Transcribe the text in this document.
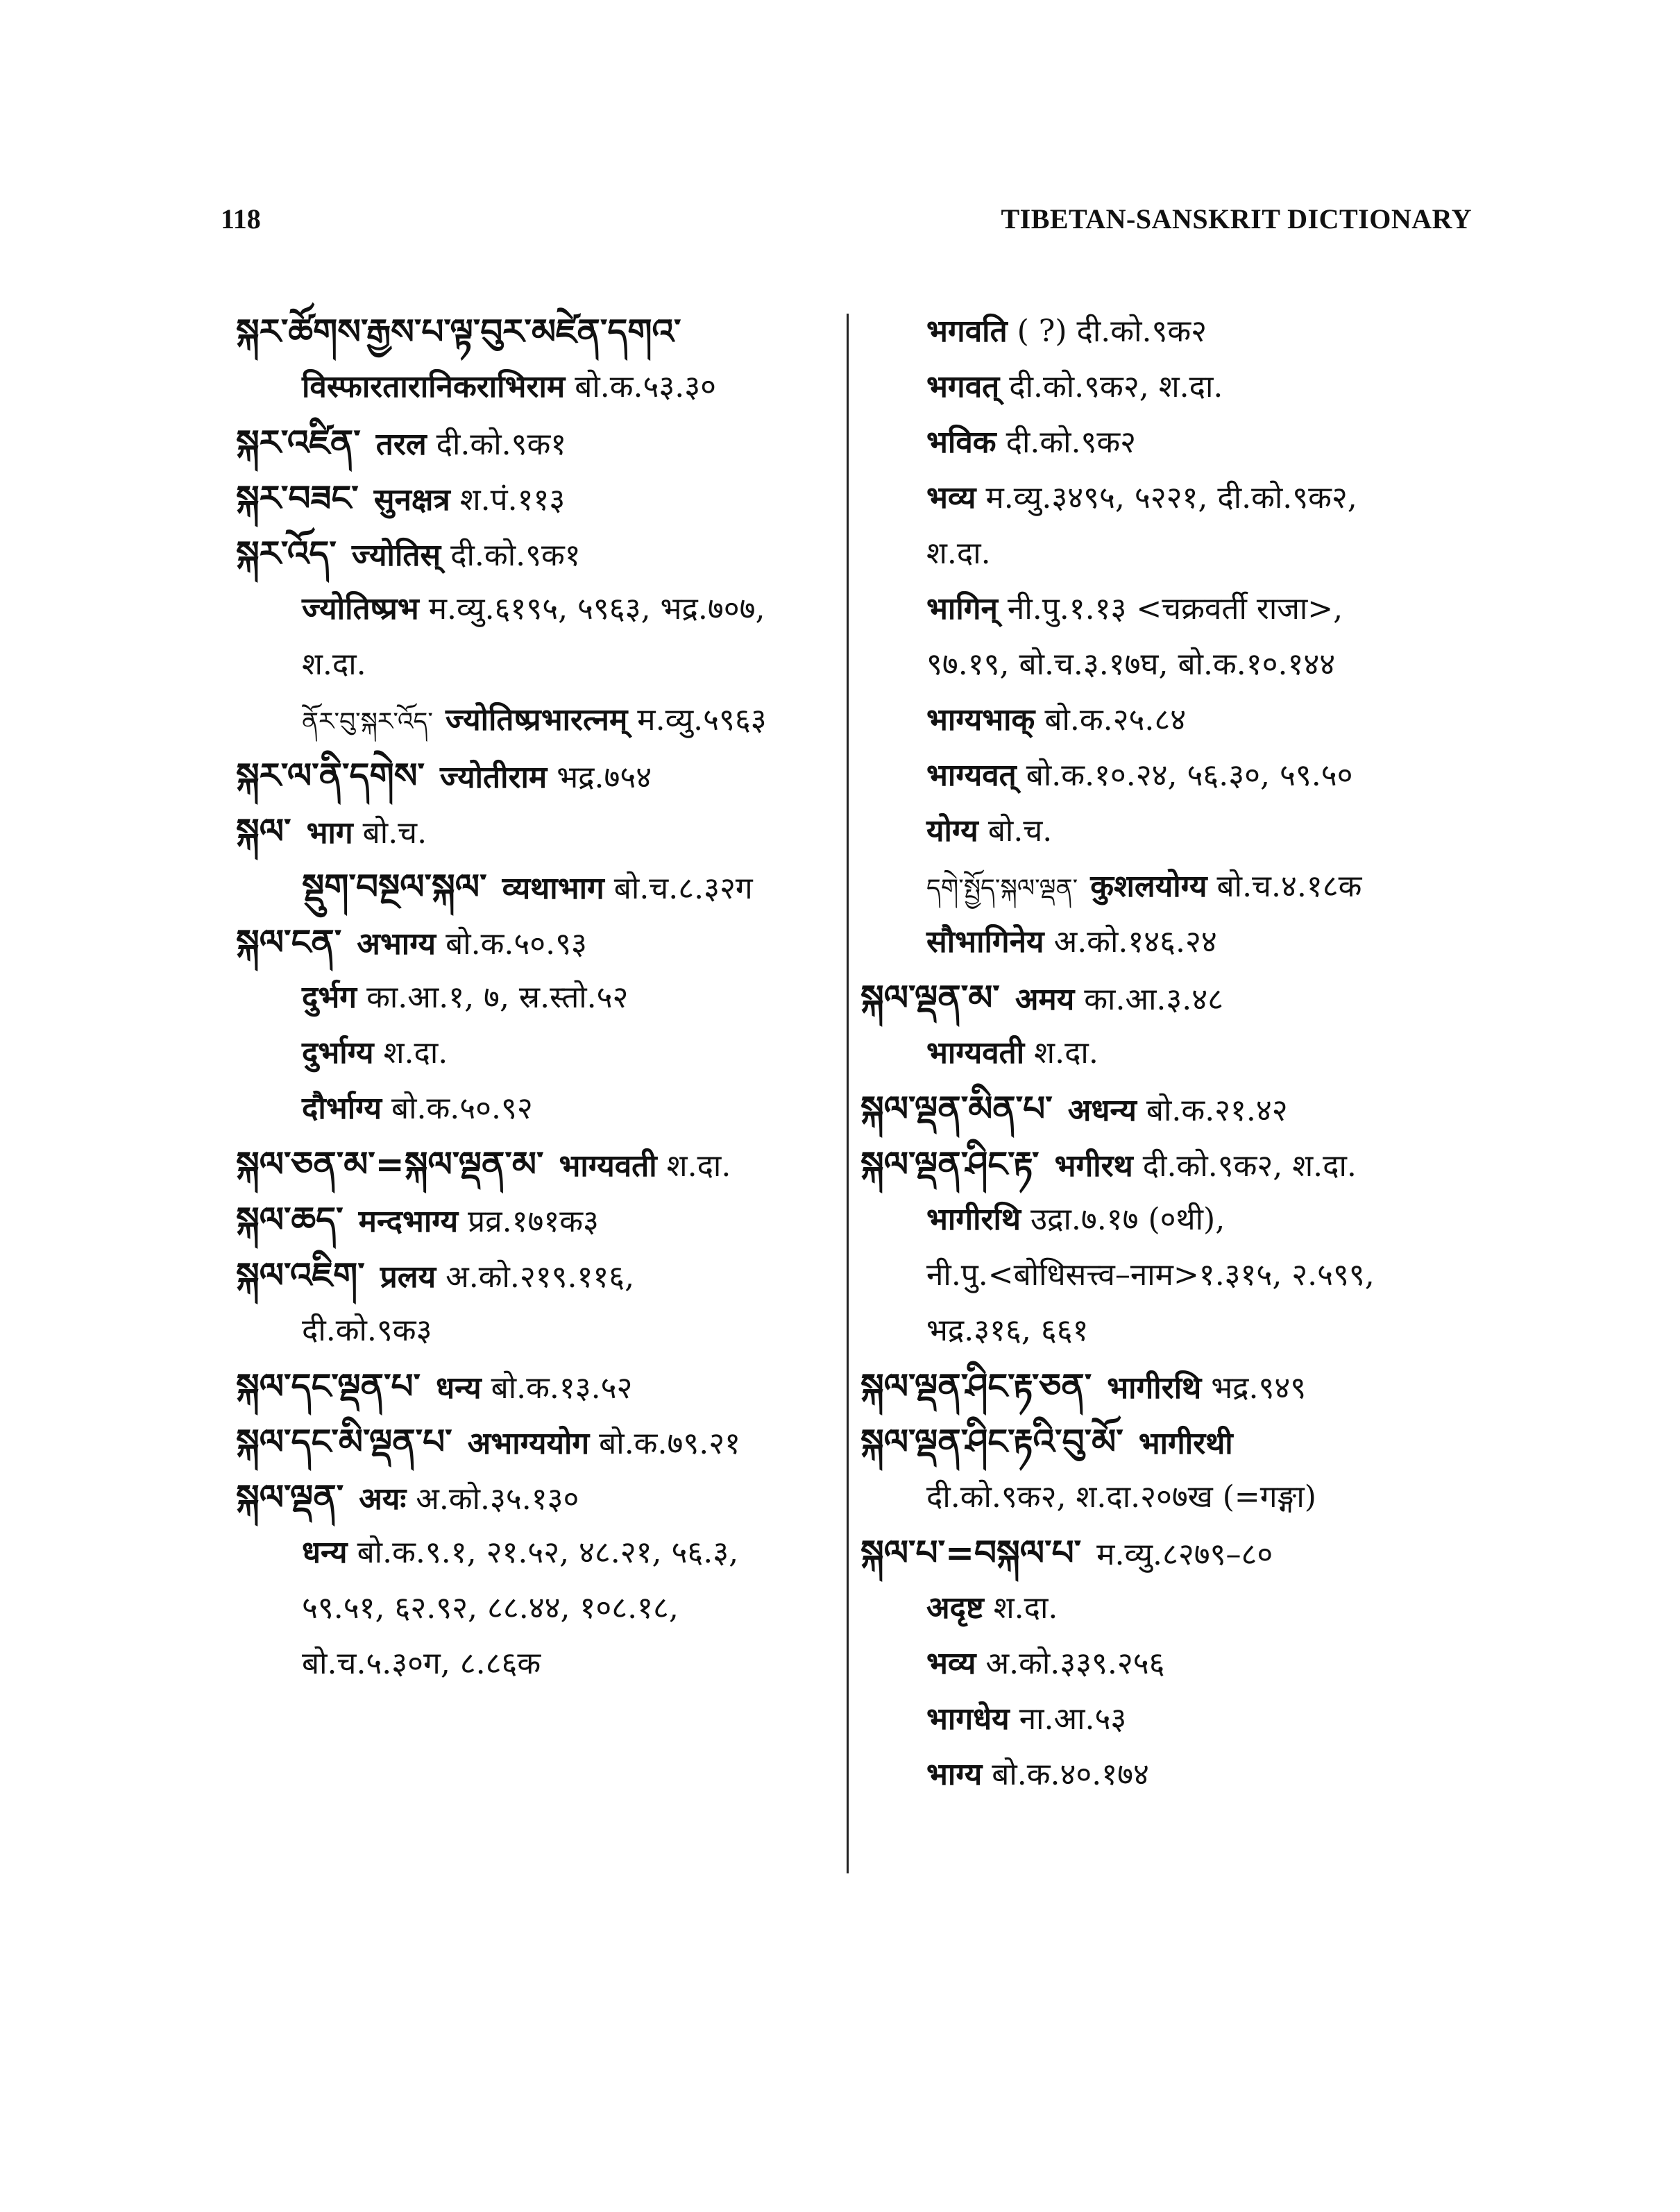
118	TIBETAN-SANSKRIT DICTIONARY
སྐར་ཚོགས་རྒྱས་པ་ལྟ་བུར་མཛེན་དགའ་
विस्फारतारानिकराभिराम बो.क.५३.३०
སྐར་འཛིན་ तरल दी.को.९क१
སྐར་བཟང་ सुनक्षत्र श.पं.११३
སྐར་འོད་ ज्योतिस् दी.को.९क१
ज्योतिष्प्रभ म.व्यु.६१९५, ५९६३, भद्र.७०७,
श.दा.
ནོར་བུ་སྐར་འོད་ ज्योतिष्प्रभारत्नम् म.व्यु.५९६३
སྐར་ལ་ནི་དགེས་ ज्योतीराम भद्र.७५४
སྐལ་ भाग बो.च.
སྡུག་བསྔལ་སྐལ་ व्यथाभाग बो.च.८.३२ग
སྐལ་ངན་ अभाग्य बो.क.५०.९३
दुर्भग का.आ.१, ७, स्र.स्तो.५२
दुर्भाग्य श.दा.
दौर्भाग्य बो.क.५०.९२
སྐལ་ཅན་མ་=སྐལ་ལྡན་མ་ भाग्यवती श.दा.
སྐལ་ཆད་ मन्दभाग्य प्रव्र.१७१क३
སྐལ་འཇིག་ प्रलय अ.को.२१९.११६,
दी.को.९क३
སྐལ་དང་ལྡན་པ་ धन्य बो.क.१३.५२
སྐལ་དང་མི་ལྡན་པ་ अभाग्ययोग बो.क.७९.२१
སྐལ་ལྡན་ अयः अ.को.३५.१३०
धन्य बो.क.९.१, २१.५२, ४८.२१, ५६.३,
५९.५१, ६२.९२, ८८.४४, १०८.१८,
बो.च.५.३०ग, ८.८६क
भगवति ( ?) दी.को.९क२
भगवत् दी.को.९क२, श.दा.
भविक दी.को.९क२
भव्य म.व्यु.३४९५, ५२२१, दी.को.९क२,
श.दा.
भागिन् नी.पु.१.१३ <चक्रवर्ती राजा>,
९७.१९, बो.च.३.१७घ, बो.क.१०.१४४
भाग्यभाक् बो.क.२५.८४
भाग्यवत् बो.क.१०.२४, ५६.३०, ५९.५०
योग्य बो.च.
དགེ་སྤྱོད་སྐལ་ལྡན་ कुशलयोग्य बो.च.४.१८क
सौभागिनेय अ.को.१४६.२४
སྐལ་ལྡན་མ་ अमय का.आ.३.४८
भाग्यवती श.दा.
སྐལ་ལྡན་མིན་པ་ अधन्य बो.क.२१.४२
སྐལ་ལྡན་ཤིང་རྟ་ भगीरथ दी.को.९क२, श.दा.
भागीरथि उद्रा.७.१७ (०थी),
नी.पु.<बोधिसत्त्व–नाम>१.३१५, २.५९९,
भद्र.३१६, ६६१
སྐལ་ལྡན་ཤིང་རྟ་ཅན་ भागीरथि भद्र.९४९
སྐལ་ལྡན་ཤིང་རྟའི་བུ་མོ་ भागीरथी
दी.को.९क२, श.दा.२०७ख (=गङ्गा)
སྐལ་པ་=བསྐལ་པ་ म.व्यु.८२७९–८०
अदृष्ट श.दा.
भव्य अ.को.३३९.२५६
भागधेय ना.आ.५३
भाग्य बो.क.४०.१७४
